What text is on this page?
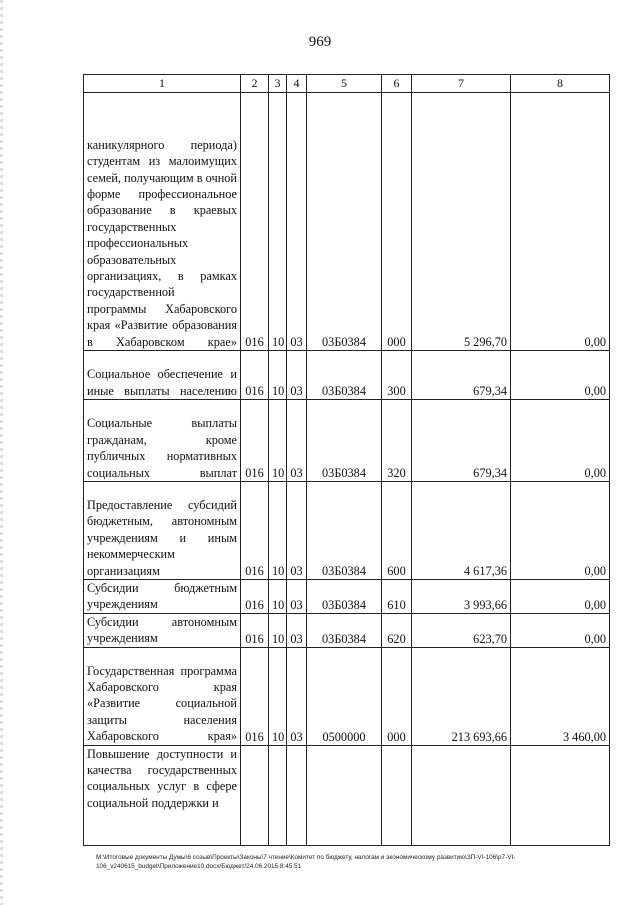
969
1	2	3	4	5	6	7	8
каникулярного периода) студентам из малоимущих семей, получающим в очной форме профессиональное образование в краевых государственных профессиональных образовательных организациях, в рамках государственной программы Хабаровского края «Развитие образования в Хабаровском крае»	016	10	03	03Б0384	000	5 296,70	0,00
Социальное обеспечение и иные выплаты населению	016	10	03	03Б0384	300	679,34	0,00
Социальные выплаты гражданам, кроме публичных нормативных социальных выплат	016	10	03	03Б0384	320	679,34	0,00
Предоставление субсидий бюджетным, автономным учреждениям и иным некоммерческим организациям	016	10	03	03Б0384	600	4 617,36	0,00
Субсидии бюджетным учреждениям	016	10	03	03Б0384	610	3 993,66	0,00
Субсидии автономным учреждениям	016	10	03	03Б0384	620	623,70	0,00
Государственная программа Хабаровского края «Развитие социальной защиты населения Хабаровского края»	016	10	03	0500000	000	213 693,66	3 460,00
Повышение доступности и качества государственных социальных услуг в сфере социальной поддержки и							
M:\Итоговые документы Думы\6 созыв\Проекты\Законы\7 чтение\Комитет по бюджету, налогам и экономическому развитию\ЗП-VI-106\p7-VI-
106_v240615_budget\Приложение10.docx/Бюджет/24.06.2015 8:45:51
